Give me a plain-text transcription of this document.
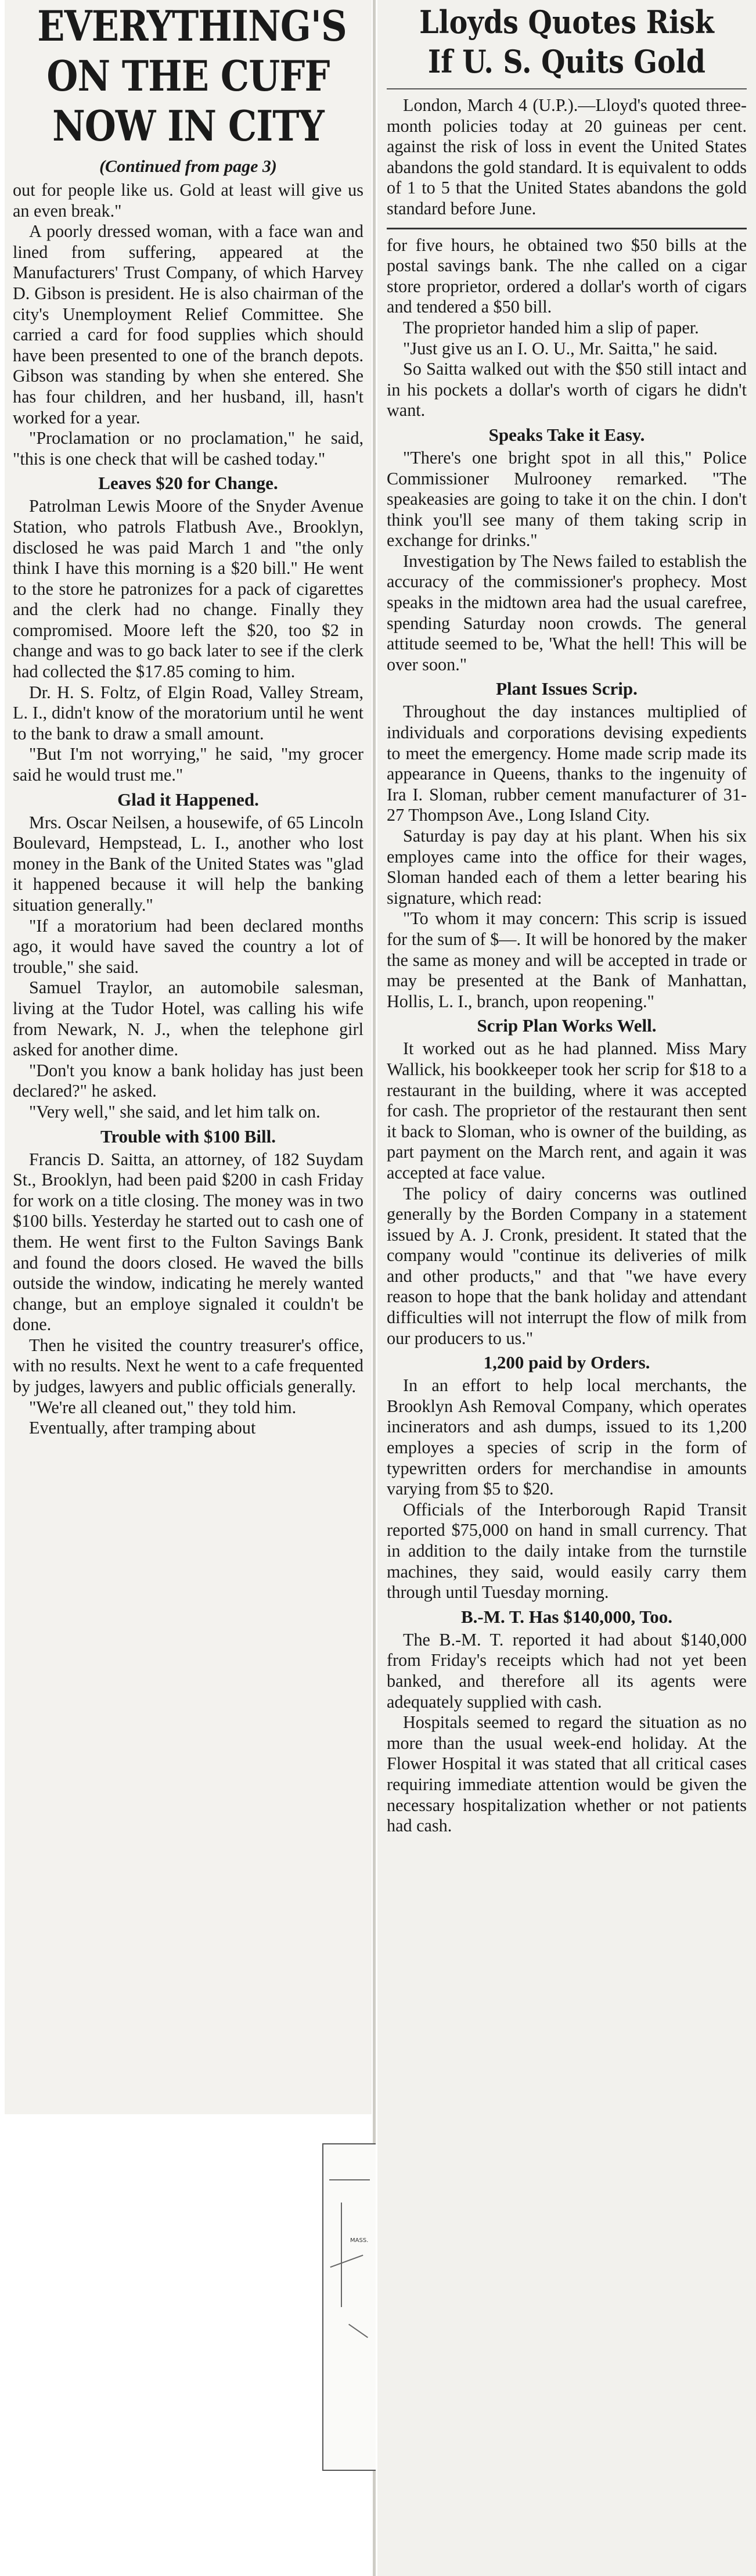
EVERYTHING'S
ON THE CUFF
NOW IN CITY
(Continued from page 3)

out for people like us. Gold at least will give us an even break."

A poorly dressed woman, with a face wan and lined from suffering, appeared at the Manufacturers' Trust Company, of which Harvey D. Gibson is president. He is also chairman of the city's Unemployment Relief Committee. She carried a card for food supplies which should have been presented to one of the branch depots. Gibson was standing by when she entered. She has four children, and her husband, ill, hasn't worked for a year.

"Proclamation or no proclamation," he said, "this is one check that will be cashed today."

Leaves $20 for Change.

Patrolman Lewis Moore of the Snyder Avenue Station, who patrols Flatbush Ave., Brooklyn, disclosed he was paid March 1 and "the only think I have this morning is a $20 bill." He went to the store he patronizes for a pack of cigarettes and the clerk had no change. Finally they compromised. Moore left the $20, too $2 in change and was to go back later to see if the clerk had collected the $17.85 coming to him.

Dr. H. S. Foltz, of Elgin Road, Valley Stream, L. I., didn't know of the moratorium until he went to the bank to draw a small amount.

"But I'm not worrying," he said, "my grocer said he would trust me."

Glad it Happened.

Mrs. Oscar Neilsen, a housewife, of 65 Lincoln Boulevard, Hempstead, L. I., another who lost money in the Bank of the United States was "glad it happened because it will help the banking situation generally."

"If a moratorium had been declared months ago, it would have saved the country a lot of trouble," she said.

Samuel Traylor, an automobile salesman, living at the Tudor Hotel, was calling his wife from Newark, N. J., when the telephone girl asked for another dime.

"Don't you know a bank holiday has just been declared?" he asked.

"Very well," she said, and let him talk on.

Trouble with $100 Bill.

Francis D. Saitta, an attorney, of 182 Suydam St., Brooklyn, had been paid $200 in cash Friday for work on a title closing. The money was in two $100 bills. Yesterday he started out to cash one of them. He went first to the Fulton Savings Bank and found the doors closed. He waved the bills outside the window, indicating he merely wanted change, but an employe signaled it couldn't be done.

Then he visited the country treasurer's office, with no results. Next he went to a cafe frequented by judges, lawyers and public officials generally.

"We're all cleaned out," they told him.

Eventually, after tramping about

MASS.
Lloyds Quotes Risk
If U. S. Quits Gold

London, March 4 (U.P.).—Lloyd's quoted three-month policies today at 20 guineas per cent. against the risk of loss in event the United States abandons the gold standard. It is equivalent to odds of 1 to 5 that the United States abandons the gold standard before June.

for five hours, he obtained two $50 bills at the postal savings bank. The nhe called on a cigar store proprietor, ordered a dollar's worth of cigars and tendered a $50 bill.

The proprietor handed him a slip of paper.

"Just give us an I. O. U., Mr. Saitta," he said.

So Saitta walked out with the $50 still intact and in his pockets a dollar's worth of cigars he didn't want.

Speaks Take it Easy.

"There's one bright spot in all this," Police Commissioner Mulrooney remarked. "The speakeasies are going to take it on the chin. I don't think you'll see many of them taking scrip in exchange for drinks."

Investigation by The News failed to establish the accuracy of the commissioner's prophecy. Most speaks in the midtown area had the usual carefree, spending Saturday noon crowds. The general attitude seemed to be, 'What the hell! This will be over soon."

Plant Issues Scrip.

Throughout the day instances multiplied of individuals and corporations devising expedients to meet the emergency. Home made scrip made its appearance in Queens, thanks to the ingenuity of Ira I. Sloman, rubber cement manufacturer of 31-27 Thompson Ave., Long Island City.

Saturday is pay day at his plant. When his six employes came into the office for their wages, Sloman handed each of them a letter bearing his signature, which read:

"To whom it may concern: This scrip is issued for the sum of $—. It will be honored by the maker the same as money and will be accepted in trade or may be presented at the Bank of Manhattan, Hollis, L. I., branch, upon reopening."

Scrip Plan Works Well.

It worked out as he had planned. Miss Mary Wallick, his bookkeeper took her scrip for $18 to a restaurant in the building, where it was accepted for cash. The proprietor of the restaurant then sent it back to Sloman, who is owner of the building, as part payment on the March rent, and again it was accepted at face value.

The policy of dairy concerns was outlined generally by the Borden Company in a statement issued by A. J. Cronk, president. It stated that the company would "continue its deliveries of milk and other products," and that "we have every reason to hope that the bank holiday and attendant difficulties will not interrupt the flow of milk from our producers to us."

1,200 paid by Orders.

In an effort to help local merchants, the Brooklyn Ash Removal Company, which operates incinerators and ash dumps, issued to its 1,200 employes a species of scrip in the form of typewritten orders for merchandise in amounts varying from $5 to $20.

Officials of the Interborough Rapid Transit reported $75,000 on hand in small currency. That in addition to the daily intake from the turnstile machines, they said, would easily carry them through until Tuesday morning.

B.-M. T. Has $140,000, Too.

The B.-M. T. reported it had about $140,000 from Friday's receipts which had not yet been banked, and therefore all its agents were adequately supplied with cash.

Hospitals seemed to regard the situation as no more than the usual week-end holiday. At the Flower Hospital it was stated that all critical cases requiring immediate attention would be given the necessary hospitalization whether or not patients had cash.
